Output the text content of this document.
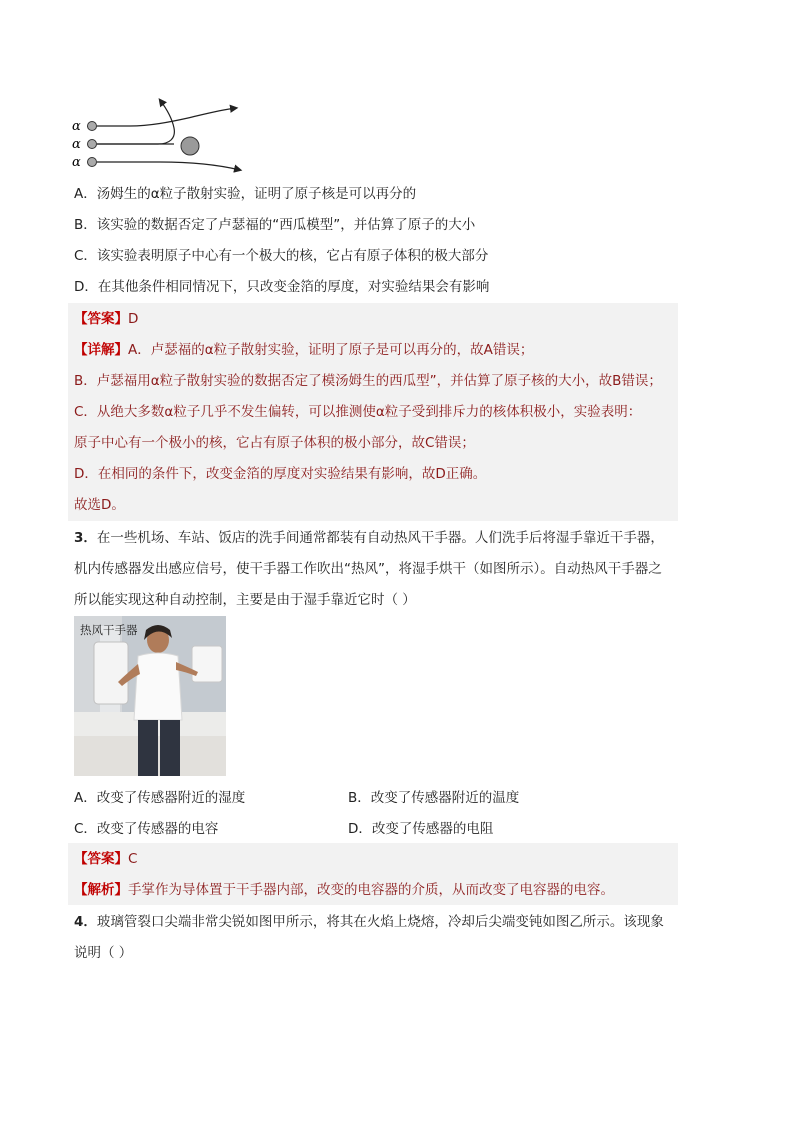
α
α
α
A．汤姆生的α粒子散射实验，证明了原子核是可以再分的
B．该实验的数据否定了卢瑟福的“西瓜模型”，并估算了原子的大小
C．该实验表明原子中心有一个极大的核，它占有原子体积的极大部分
D．在其他条件相同情况下，只改变金箔的厚度，对实验结果会有影响
【答案】D
【详解】A．卢瑟福的α粒子散射实验，证明了原子是可以再分的，故A错误；
B．卢瑟福用α粒子散射实验的数据否定了模汤姆生的西瓜型”，并估算了原子核的大小，故B错误；
C．从绝大多数α粒子几乎不发生偏转，可以推测使α粒子受到排斥力的核体积极小，实验表明：
原子中心有一个极小的核，它占有原子体积的极小部分，故C错误；
D．在相同的条件下，改变金箔的厚度对实验结果有影响，故D正确。
故选D。
3．在一些机场、车站、饭店的洗手间通常都装有自动热风干手器。人们洗手后将湿手靠近干手器，
机内传感器发出感应信号，使干手器工作吹出“热风”，将湿手烘干（如图所示）。自动热风干手器之
所以能实现这种自动控制，主要是由于湿手靠近它时（ ）
热风干手器
A．改变了传感器附近的湿度	B．改变了传感器附近的温度
C．改变了传感器的电容	D．改变了传感器的电阻
【答案】C
【解析】手掌作为导体置于干手器内部，改变的电容器的介质，从而改变了电容器的电容。
4．玻璃管裂口尖端非常尖锐如图甲所示，将其在火焰上烧熔，冷却后尖端变钝如图乙所示。该现象
说明（ ）
